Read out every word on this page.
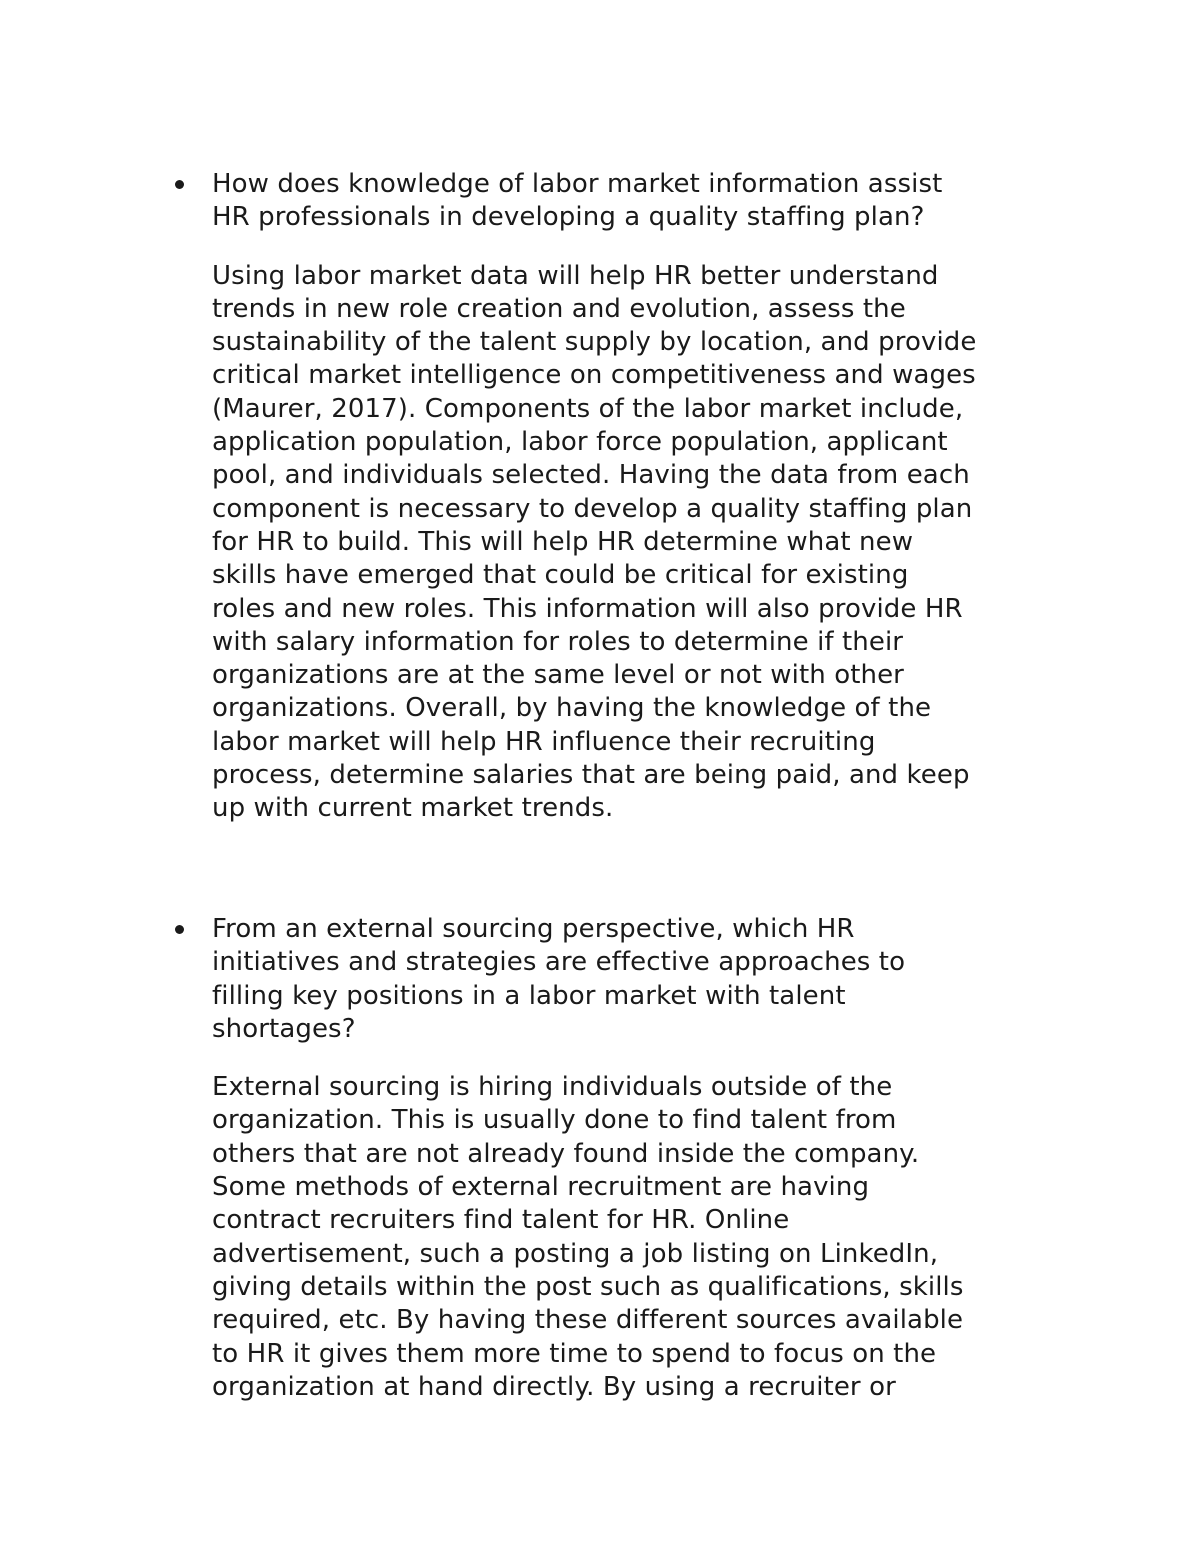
How does knowledge of labor market information assist
HR professionals in developing a quality staffing plan?

Using labor market data will help HR better understand
trends in new role creation and evolution, assess the
sustainability of the talent supply by location, and provide
critical market intelligence on competitiveness and wages
(Maurer, 2017). Components of the labor market include,
application population, labor force population, applicant
pool, and individuals selected. Having the data from each
component is necessary to develop a quality staffing plan
for HR to build. This will help HR determine what new
skills have emerged that could be critical for existing
roles and new roles. This information will also provide HR
with salary information for roles to determine if their
organizations are at the same level or not with other
organizations. Overall, by having the knowledge of the
labor market will help HR influence their recruiting
process, determine salaries that are being paid, and keep
up with current market trends.

From an external sourcing perspective, which HR
initiatives and strategies are effective approaches to
filling key positions in a labor market with talent
shortages?

External sourcing is hiring individuals outside of the
organization. This is usually done to find talent from
others that are not already found inside the company.
Some methods of external recruitment are having
contract recruiters find talent for HR. Online
advertisement, such a posting a job listing on LinkedIn,
giving details within the post such as qualifications, skills
required, etc. By having these different sources available
to HR it gives them more time to spend to focus on the
organization at hand directly. By using a recruiter or
